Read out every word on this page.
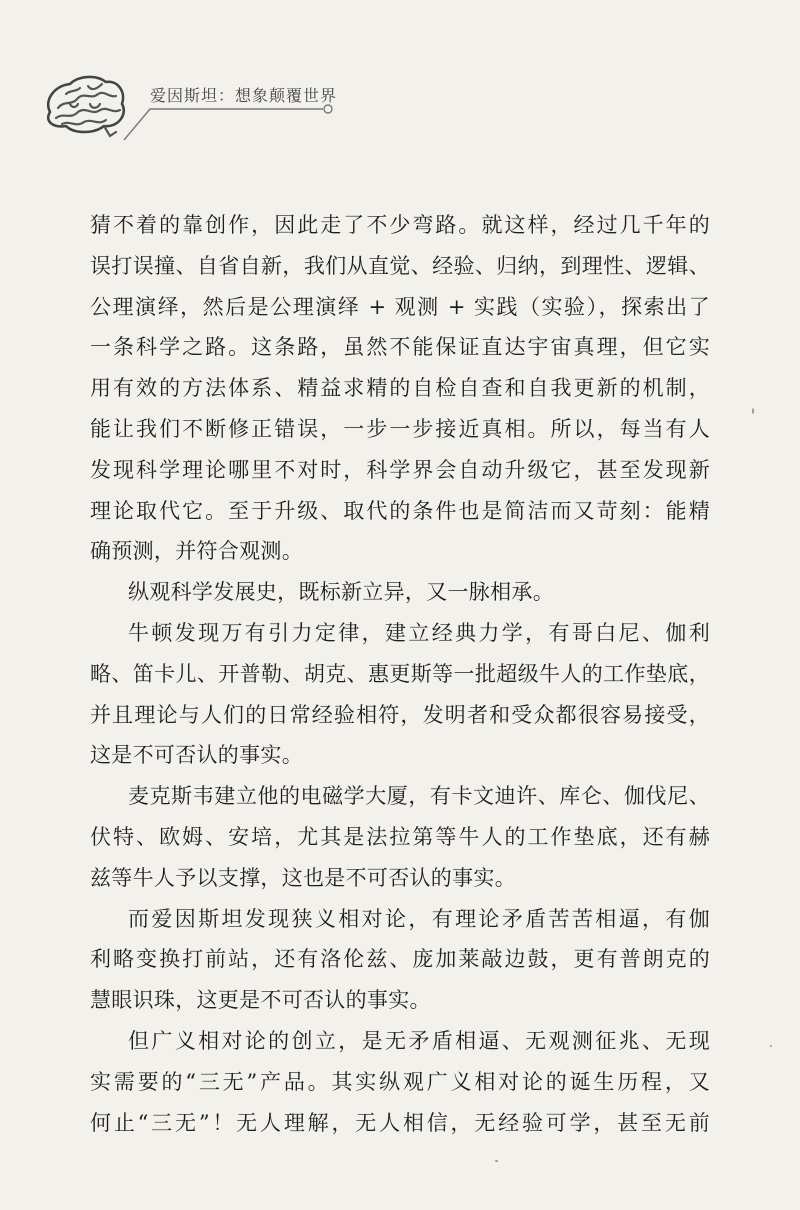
爱因斯坦：想象颠覆世界
猜不着的靠创作，因此走了不少弯路。就这样，经过几千年的
误打误撞、自省自新，我们从直觉、经验、归纳，到理性、逻辑、
公理演绎，然后是公理演绎 + 观测 + 实践（实验），探索出了
一条科学之路。这条路，虽然不能保证直达宇宙真理，但它实
用有效的方法体系、精益求精的自检自查和自我更新的机制，
能让我们不断修正错误，一步一步接近真相。所以，每当有人
发现科学理论哪里不对时，科学界会自动升级它，甚至发现新
理论取代它。至于升级、取代的条件也是简洁而又苛刻：能精
确预测，并符合观测。
纵观科学发展史，既标新立异，又一脉相承。
牛顿发现万有引力定律，建立经典力学，有哥白尼、伽利
略、笛卡儿、开普勒、胡克、惠更斯等一批超级牛人的工作垫底，
并且理论与人们的日常经验相符，发明者和受众都很容易接受，
这是不可否认的事实。
麦克斯韦建立他的电磁学大厦，有卡文迪许、库仑、伽伐尼、
伏特、欧姆、安培，尤其是法拉第等牛人的工作垫底，还有赫
兹等牛人予以支撑，这也是不可否认的事实。
而爱因斯坦发现狭义相对论，有理论矛盾苦苦相逼，有伽
利略变换打前站，还有洛伦兹、庞加莱敲边鼓，更有普朗克的
慧眼识珠，这更是不可否认的事实。
但广义相对论的创立，是无矛盾相逼、无观测征兆、无现
实需要的“三无”产品。其实纵观广义相对论的诞生历程，又
何止“三无”！无人理解，无人相信，无经验可学，甚至无前
